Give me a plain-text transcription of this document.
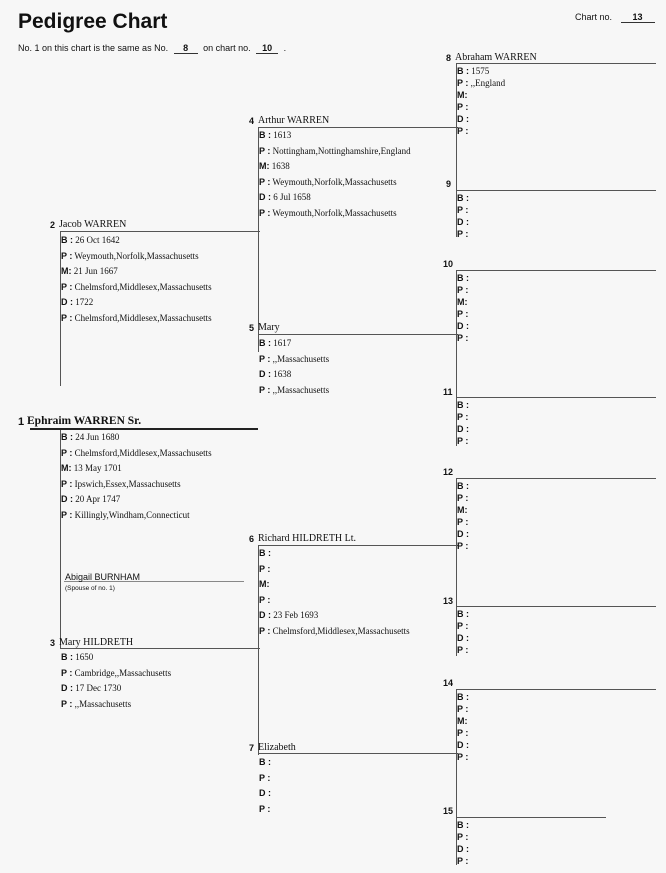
Pedigree Chart	Chart no. 13
No. 1 on this chart is the same as No. 8 on chart no. 10 .
Abigail BURNHAM
(Spouse of no. 1)
1 Ephraim WARREN Sr.
B : 24 Jun 1680
P : Chelmsford,Middlesex,Massachusetts
M: 13 May 1701
P : Ipswich,Essex,Massachusetts
D : 20 Apr 1747
P : Killingly,Windham,Connecticut
2 Jacob WARREN
B : 26 Oct 1642
P : Weymouth,Norfolk,Massachusetts
M: 21 Jun 1667
P : Chelmsford,Middlesex,Massachusetts
D : 1722
P : Chelmsford,Middlesex,Massachusetts
3 Mary HILDRETH
B : 1650
P : Cambridge,,Massachusetts
D : 17 Dec 1730
P : ,,Massachusetts
4 Arthur WARREN
B : 1613
P : Nottingham,Nottinghamshire,England
M: 1638
P : Weymouth,Norfolk,Massachusetts
D : 6 Jul 1658
P : Weymouth,Norfolk,Massachusetts
5 Mary
B : 1617
P : ,,Massachusetts
D : 1638
P : ,,Massachusetts
6 Richard HILDRETH Lt.
B :
P :
M:
P :
D : 23 Feb 1693
P : Chelmsford,Middlesex,Massachusetts
7 Elizabeth
B :
P :
D :
P :
8 Abraham WARREN
B : 1575
P : ,,England
M:
P :
D :
P :
9
B :
P :
D :
P :
10
B :
P :
M:
P :
D :
P :
11
B :
P :
D :
P :
12
B :
P :
M:
P :
D :
P :
13
B :
P :
D :
P :
14
B :
P :
M:
P :
D :
P :
15
B :
P :
D :
P :
